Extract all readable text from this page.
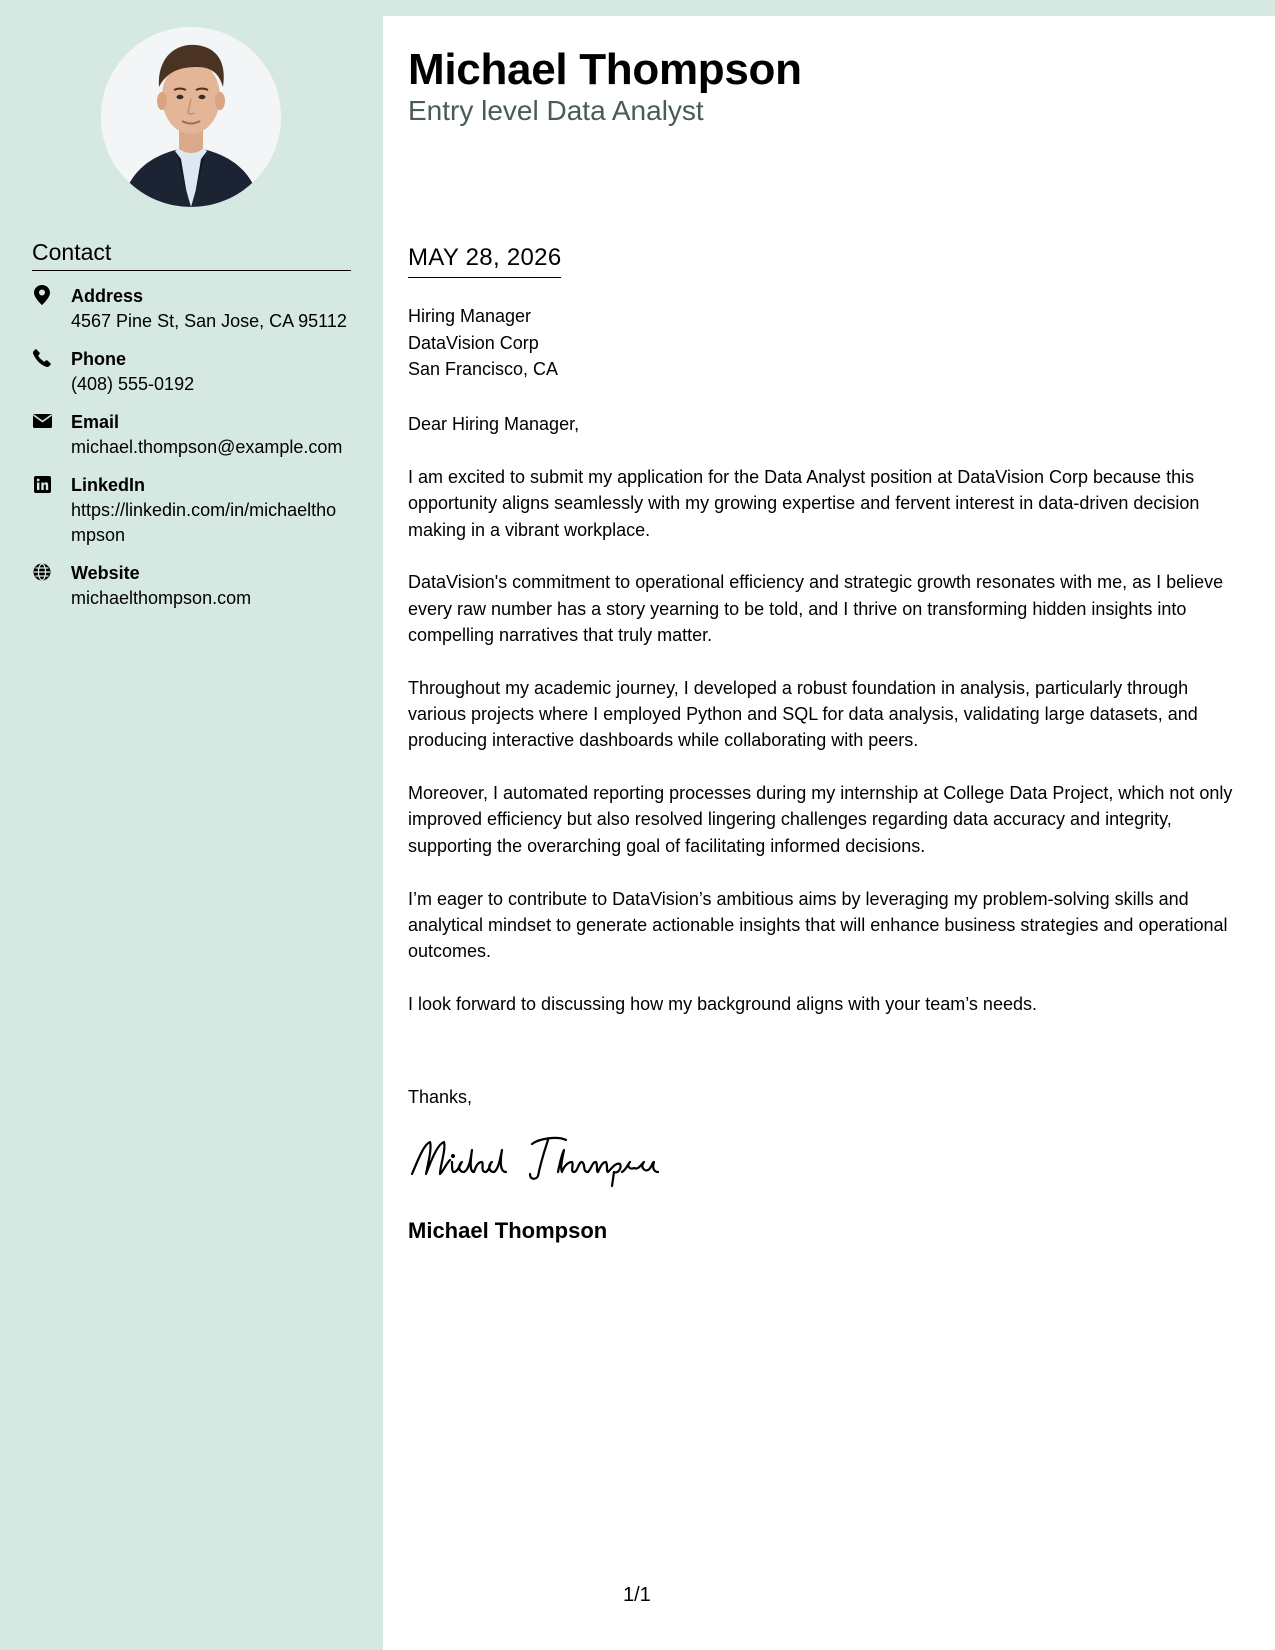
Contact
Address
4567 Pine St, San Jose, CA 95112
Phone
(408) 555-0192
Email
michael.thompson@example.com
LinkedIn
https://linkedin.com/in/michaelthompson
Website
michaelthompson.com
Michael Thompson
Entry level Data Analyst
MAY 28, 2026
Hiring Manager
DataVision Corp
San Francisco, CA
Dear Hiring Manager,

I am excited to submit my application for the Data Analyst position at DataVision Corp because this opportunity aligns seamlessly with my growing expertise and fervent interest in data-driven decision making in a vibrant workplace.

DataVision's commitment to operational efficiency and strategic growth resonates with me, as I believe every raw number has a story yearning to be told, and I thrive on transforming hidden insights into compelling narratives that truly matter.

Throughout my academic journey, I developed a robust foundation in analysis, particularly through various projects where I employed Python and SQL for data analysis, validating large datasets, and producing interactive dashboards while collaborating with peers.

Moreover, I automated reporting processes during my internship at College Data Project, which not only improved efficiency but also resolved lingering challenges regarding data accuracy and integrity, supporting the overarching goal of facilitating informed decisions.

I’m eager to contribute to DataVision’s ambitious aims by leveraging my problem-solving skills and analytical mindset to generate actionable insights that will enhance business strategies and operational outcomes.

I look forward to discussing how my background aligns with your team’s needs.

Thanks,
Michael Thompson
1/1
